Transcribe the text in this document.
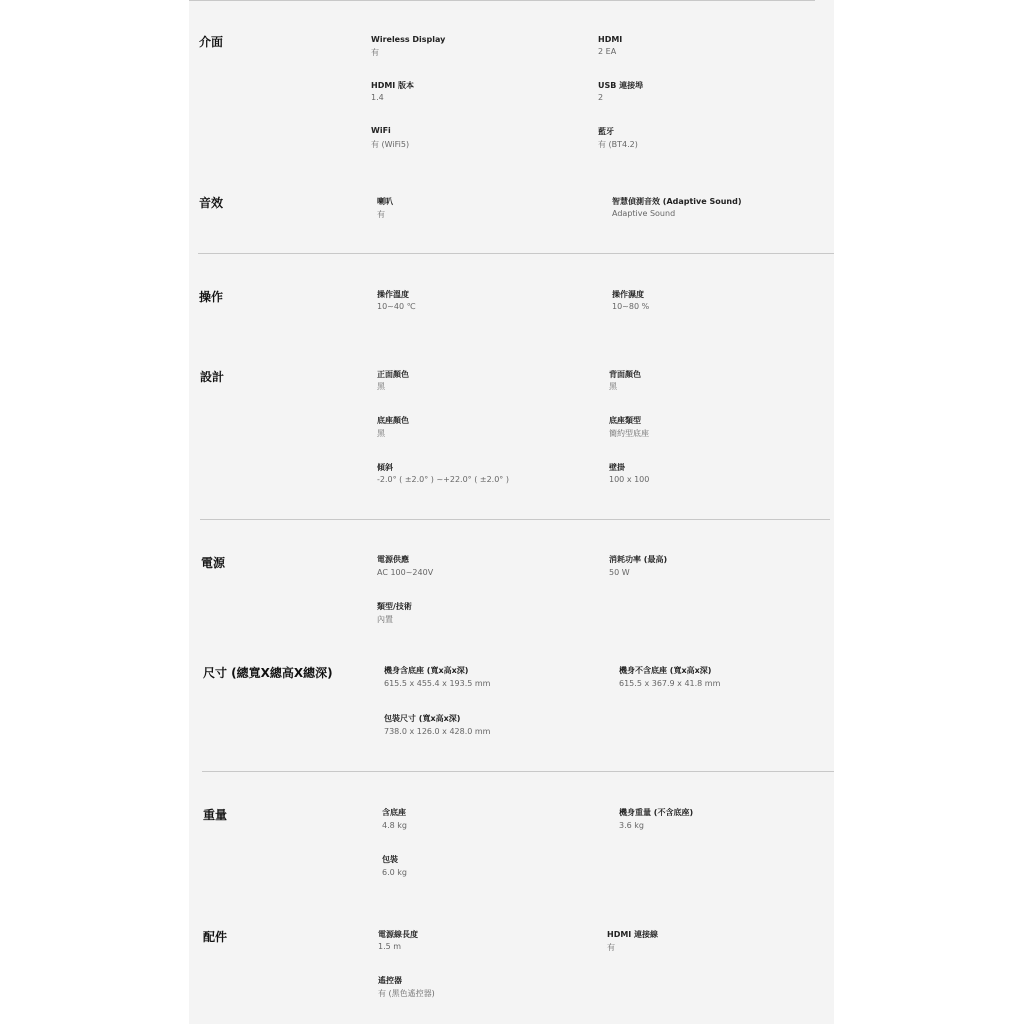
介面	Wireless Display
有
HDMI
2 EA
HDMI 版本
1.4
USB 連接埠
2
WiFi
有 (WiFi5)
藍牙
有 (BT4.2)
音效	喇叭
有
智慧偵測音效 (Adaptive Sound)
Adaptive Sound
操作	操作溫度
10~40 ℃
操作濕度
10~80 %
設計	正面顏色
黑
背面顏色
黑
底座顏色
黑
底座類型
簡約型底座
傾斜
-2.0° ( ±2.0° ) ~+22.0° ( ±2.0° )
壁掛
100 x 100
電源	電源供應
AC 100~240V
消耗功率 (最高)
50 W
類型/技術
內置
尺寸 (總寬X總高X總深)	機身含底座 (寬x高x深)
615.5 x 455.4 x 193.5 mm
機身不含底座 (寬x高x深)
615.5 x 367.9 x 41.8 mm
包裝尺寸 (寬x高x深)
738.0 x 126.0 x 428.0 mm
重量	含底座
4.8 kg
機身重量 (不含底座)
3.6 kg
包裝
6.0 kg
配件	電源線長度
1.5 m
HDMI 連接線
有
遙控器
有 (黑色遙控器)
